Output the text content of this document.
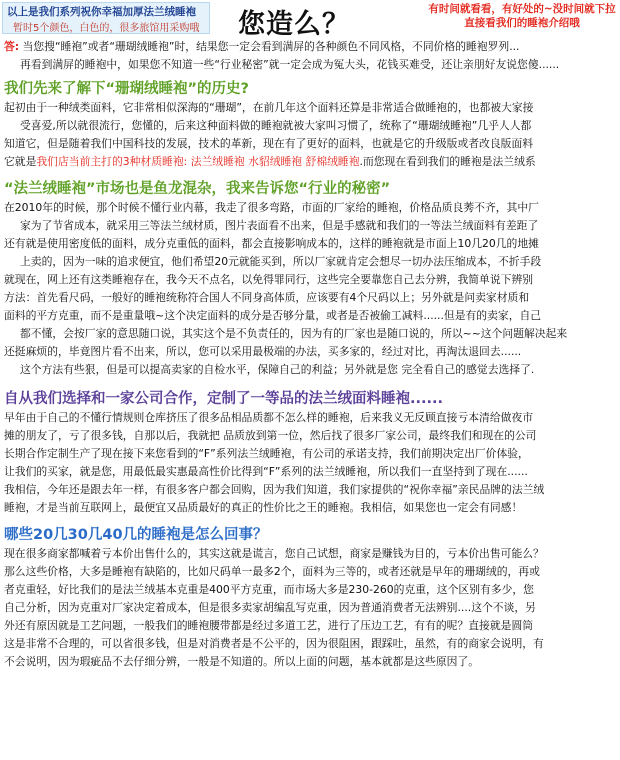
以上是我们系列祝你幸福加厚法兰绒睡袍
暂时5个颜色，白色的，很多旅馆用采购哦 您造么？	有时间就看看，有好处的~没时间就下拉
直接看我们的睡袍介绍哦

答: 当您搜“睡袍”或者“珊瑚绒睡袍”时，结果您一定会看到满屏的各种颜色不同风格，不同价格的睡袍罗列...

再看到满屏的睡袍中，如果您不知道一些“行业秘密”就一定会成为冤大头，花钱买难受，还让亲朋好友说您傻......

我们先来了解下“珊瑚绒睡袍”的历史?

起初由于一种绒类面料，它非常相似深海的“珊瑚”，在前几年这个面料还算是非常适合做睡袍的，也都被大家接

受喜爱,所以就很流行，您懂的，后来这种面料做的睡袍就被大家叫习惯了，统称了“珊瑚绒睡袍”几乎人人都

知道它，但是随着我们中国科技的发展，技术的革新，现在有了更好的面料，也就是它的升级版或者改良版面料

它就是我们店当前主打的3种材质睡袍: 法兰绒睡袍 水貂绒睡袍 舒棉绒睡袍.而您现在看到我们的睡袍是法兰绒系

“法兰绒睡袍”市场也是鱼龙混杂，我来告诉您“行业的秘密”

在2010年的时候，那个时候不懂行业内幕，我走了很多弯路，市面的厂家给的睡袍，价格品质良莠不齐，其中厂

家为了节省成本，就采用三等法兰绒材质，图片表面看不出来，但是手感就和我们的一等法兰绒面料有差距了

还有就是使用密度低的面料，成分克重低的面料，都会直接影响成本的，这样的睡袍就是市面上10几20几的地摊

上卖的，因为一味的追求便宜，他们希望20元就能买到，所以厂家就肯定会想尽一切办法压缩成本，不折手段

就现在，网上还有这类睡袍存在，我今天不点名，以免得罪同行，这些完全要靠您自己去分辨，我简单说下辨别

方法：首先看尺码，一般好的睡袍统称符合国人不同身高体质，应该要有4个尺码以上；另外就是问卖家材质和

面料的平方克重，而不是重量哦~这个决定面料的成分是否够分量，或者是否被偷工减料......但是有的卖家，自己

都不懂，会按厂家的意思随口说，其实这个是不负责任的，因为有的厂家也是随口说的，所以~~这个问题解决起来

还挺麻烦的，毕竟图片看不出来，所以，您可以采用最极端的办法，买多家的，经过对比，再淘汰退回去......

这个方法有些狠，但是可以提高卖家的自检水平，保障自己的利益；另外就是您 完全看自己的感觉去选择了.

自从我们选择和一家公司合作，定制了一等品的法兰绒面料睡袍......

早年由于自己的不懂行情规则仓库挤压了很多品相品质都不怎么样的睡袍，后来我义无反顾直接亏本清给做夜市

摊的朋友了，亏了很多钱，自那以后，我就把 品质放到第一位，然后找了很多厂家公司，最终我们和现在的公司

长期合作定制生产了现在接下来您看到的“F”系列法兰绒睡袍，有公司的承诺支持，我们前期决定出厂价体验，

让我们的买家，就是您，用最低最实惠最高性价比得到“F”系列的法兰绒睡袍，所以我们一直坚持到了现在......

我相信，今年还是跟去年一样，有很多客户都会回购，因为我们知道，我们家提供的“祝你幸福”亲民品牌的法兰绒

睡袍，才是当前互联网上，最便宜又品质最好的真正的性价比之王的睡袍。我相信，如果您也一定会有同感！

哪些20几30几40几的睡袍是怎么回事？

现在很多商家都喊着亏本价出售什么的，其实这就是谎言，您自己试想，商家是赚钱为目的，亏本价出售可能么？

那么这些价格，大多是睡袍有缺陷的，比如尺码单一最多2个，面料为三等的，或者还就是早年的珊瑚绒的，再或

者克重轻，好比我们的是法兰绒基本克重是400平方克重，而市场大多是230-260的克重，这个区别有多少，您

自己分析，因为克重对厂家决定着成本，但是很多卖家胡编乱写克重，因为普通消费者无法辨别....这个不谈，另

外还有原因就是工艺问题，一般我们的睡袍腰带都是经过多道工艺，进行了压边工艺，有有的呢？直接就是圆筒

这是非常不合理的，可以省很多钱，但是对消费者是不公平的，因为很阻困，跟踩吐，虽然，有的商家会说明，有

不会说明，因为瑕疵品不去仔细分辨，一般是不知道的。所以上面的问题，基本就都是这些原因了。
